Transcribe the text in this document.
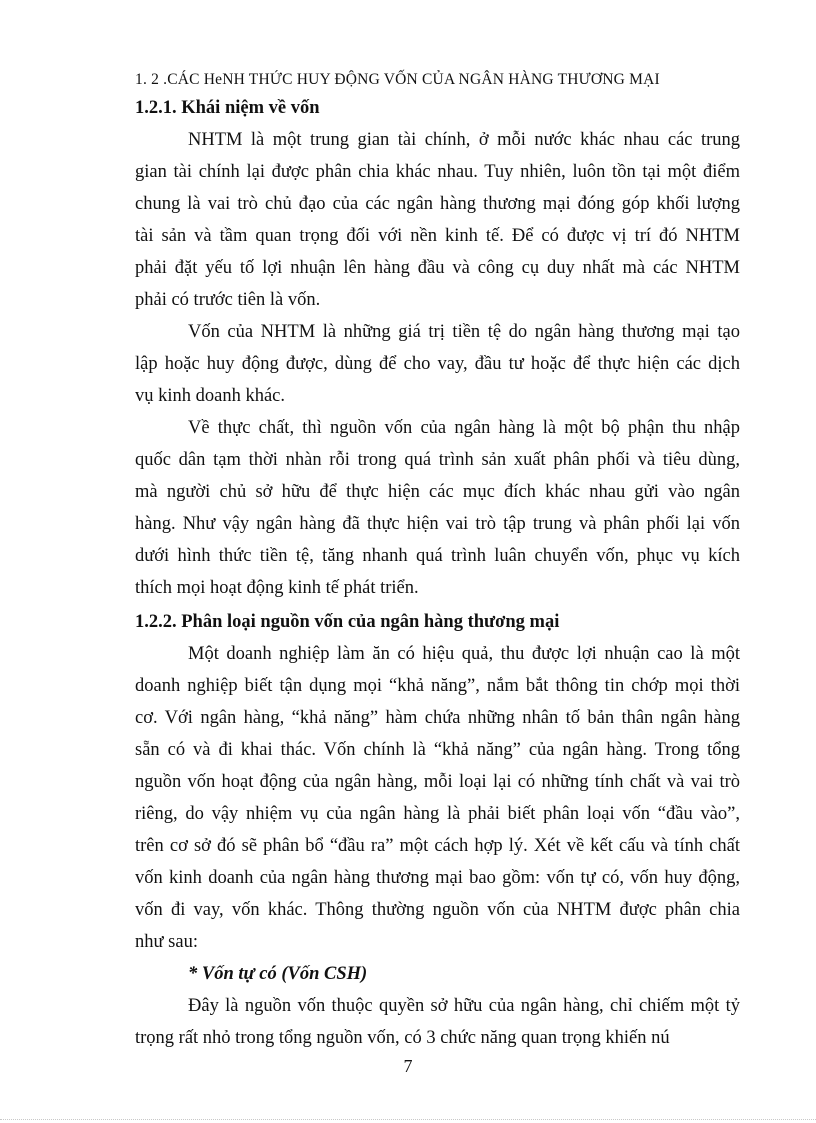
1. 2 .CÁC HeNH THỨC HUY ĐỘNG VỐN CỦA NGÂN HÀNG THƯƠNG MẠI
1.2.1. Khái niệm về vốn
NHTM là một trung gian tài chính, ở mỗi nước khác nhau các trung
gian tài chính lại được phân chia khác nhau. Tuy nhiên, luôn tồn tại một điểm
chung là vai trò chủ đạo của các ngân hàng thương mại đóng góp khối lượng
tài sản và tầm quan trọng đối với nền kinh tế. Để có được vị trí đó NHTM
phải đặt yếu tố lợi nhuận lên hàng đầu và công cụ duy nhất mà các NHTM
phải có trước tiên là vốn.
Vốn của NHTM là những giá trị tiền tệ do ngân hàng thương mại tạo
lập hoặc huy động được, dùng để cho vay, đầu tư hoặc để thực hiện các dịch
vụ kinh doanh khác.
Về thực chất, thì nguồn vốn của ngân hàng là một bộ phận thu nhập
quốc dân tạm thời nhàn rỗi trong quá trình sản xuất phân phối và tiêu dùng,
mà người chủ sở hữu để thực hiện các mục đích khác nhau gửi vào ngân
hàng. Như vậy ngân hàng đã thực hiện vai trò tập trung và phân phối lại vốn
dưới hình thức tiền tệ, tăng nhanh quá trình luân chuyển vốn, phục vụ kích
thích mọi hoạt động kinh tế phát triển.
1.2.2. Phân loại nguồn vốn của ngân hàng thương mại
Một doanh nghiệp làm ăn có hiệu quả, thu được lợi nhuận cao là một
doanh nghiệp biết tận dụng mọi “khả năng”, nắm bắt thông tin chớp mọi thời
cơ. Với ngân hàng, “khả năng” hàm chứa những nhân tố bản thân ngân hàng
sẵn có và đi khai thác. Vốn chính là “khả năng” của ngân hàng. Trong tổng
nguồn vốn hoạt động của ngân hàng, mỗi loại lại có những tính chất và vai trò
riêng, do vậy nhiệm vụ của ngân hàng là phải biết phân loại vốn “đầu vào”,
trên cơ sở đó sẽ phân bổ “đầu ra” một cách hợp lý. Xét về kết cấu và tính chất
vốn kinh doanh của ngân hàng thương mại bao gồm: vốn tự có, vốn huy động,
vốn đi vay, vốn khác. Thông thường nguồn vốn của NHTM được phân chia
như sau:
* Vốn tự có (Vốn CSH)
Đây là nguồn vốn thuộc quyền sở hữu của ngân hàng, chỉ chiếm một tỷ
trọng rất nhỏ trong tổng nguồn vốn, có 3 chức năng quan trọng khiến nú
7
